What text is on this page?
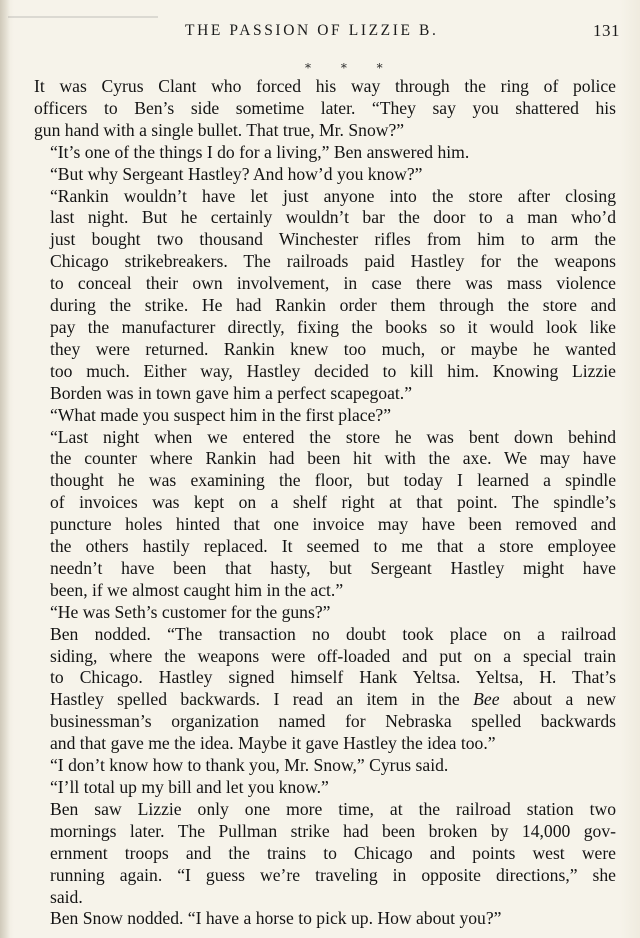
THE PASSION OF LIZZIE B.	131
* * *

It was Cyrus Clant who forced his way through the ring of police
officers to Ben’s side sometime later. “They say you shattered his
gun hand with a single bullet. That true, Mr. Snow?”

“It’s one of the things I do for a living,” Ben answered him.

“But why Sergeant Hastley? And how’d you know?”

“Rankin wouldn’t have let just anyone into the store after closing
last night. But he certainly wouldn’t bar the door to a man who’d
just bought two thousand Winchester rifles from him to arm the
Chicago strikebreakers. The railroads paid Hastley for the weapons
to conceal their own involvement, in case there was mass violence
during the strike. He had Rankin order them through the store and
pay the manufacturer directly, fixing the books so it would look like
they were returned. Rankin knew too much, or maybe he wanted
too much. Either way, Hastley decided to kill him. Knowing Lizzie
Borden was in town gave him a perfect scapegoat.”

“What made you suspect him in the first place?”

“Last night when we entered the store he was bent down behind
the counter where Rankin had been hit with the axe. We may have
thought he was examining the floor, but today I learned a spindle
of invoices was kept on a shelf right at that point. The spindle’s
puncture holes hinted that one invoice may have been removed and
the others hastily replaced. It seemed to me that a store employee
needn’t have been that hasty, but Sergeant Hastley might have
been, if we almost caught him in the act.”

“He was Seth’s customer for the guns?”

Ben nodded. “The transaction no doubt took place on a railroad
siding, where the weapons were off-loaded and put on a special train
to Chicago. Hastley signed himself Hank Yeltsa. Yeltsa, H. That’s
Hastley spelled backwards. I read an item in the Bee about a new
businessman’s organization named for Nebraska spelled backwards
and that gave me the idea. Maybe it gave Hastley the idea too.”

“I don’t know how to thank you, Mr. Snow,” Cyrus said.

“I’ll total up my bill and let you know.”

Ben saw Lizzie only one more time, at the railroad station two
mornings later. The Pullman strike had been broken by 14,000 gov-
ernment troops and the trains to Chicago and points west were
running again. “I guess we’re traveling in opposite directions,” she
said.

Ben Snow nodded. “I have a horse to pick up. How about you?”
